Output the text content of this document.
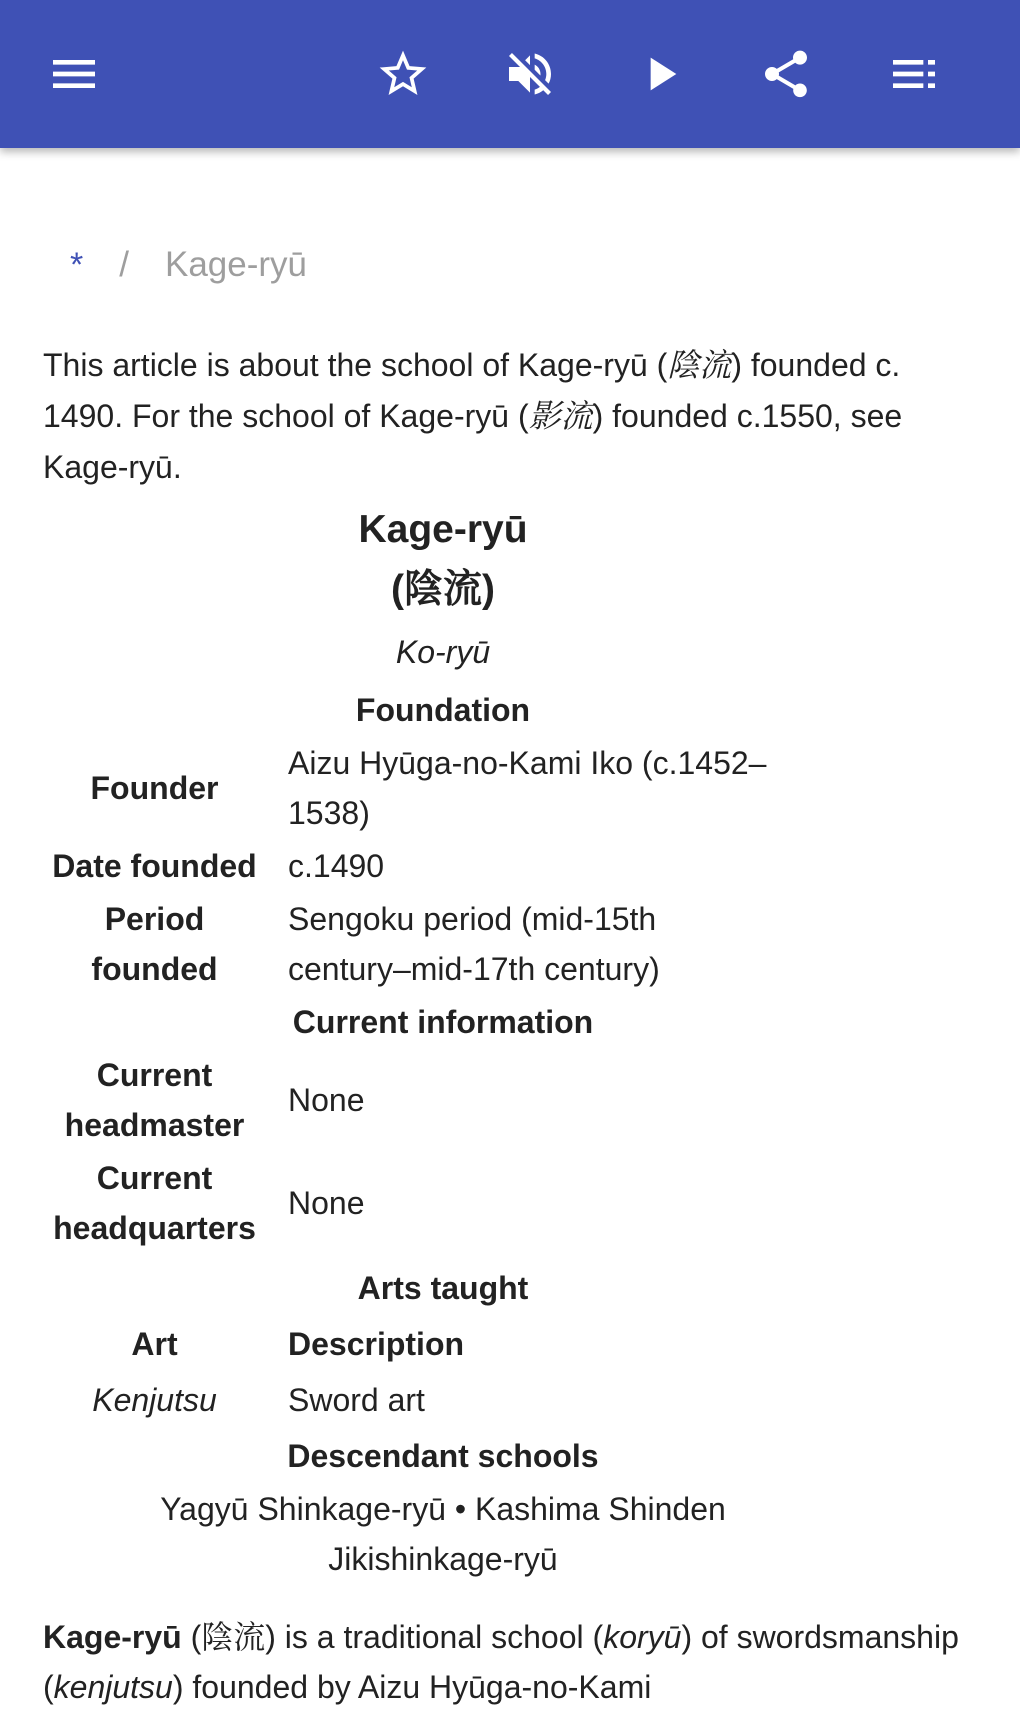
* / Kage-ryū
This article is about the school of Kage-ryū (陰流) founded c. 1490. For the school of Kage-ryū (影流) founded c.1550, see Kage-ryū.
Kage-ryū
(陰流)
Ko-ryū
Foundation
Founder
Aizu Hyūga-no-Kami Iko (c.1452–1538)
Date founded c.1490
Period founded
Sengoku period (mid-15th century–mid-17th century)
Current information
Current headmaster
None
Current headquarters
None
Arts taught
Art	Description
Kenjutsu	Sword art
Descendant schools
Yagyū Shinkage-ryū • Kashima Shinden Jikishinkage-ryū
Kage-ryū (陰流) is a traditional school (koryū) of swordsmanship (kenjutsu) founded by Aizu Hyūga-no-Kami
